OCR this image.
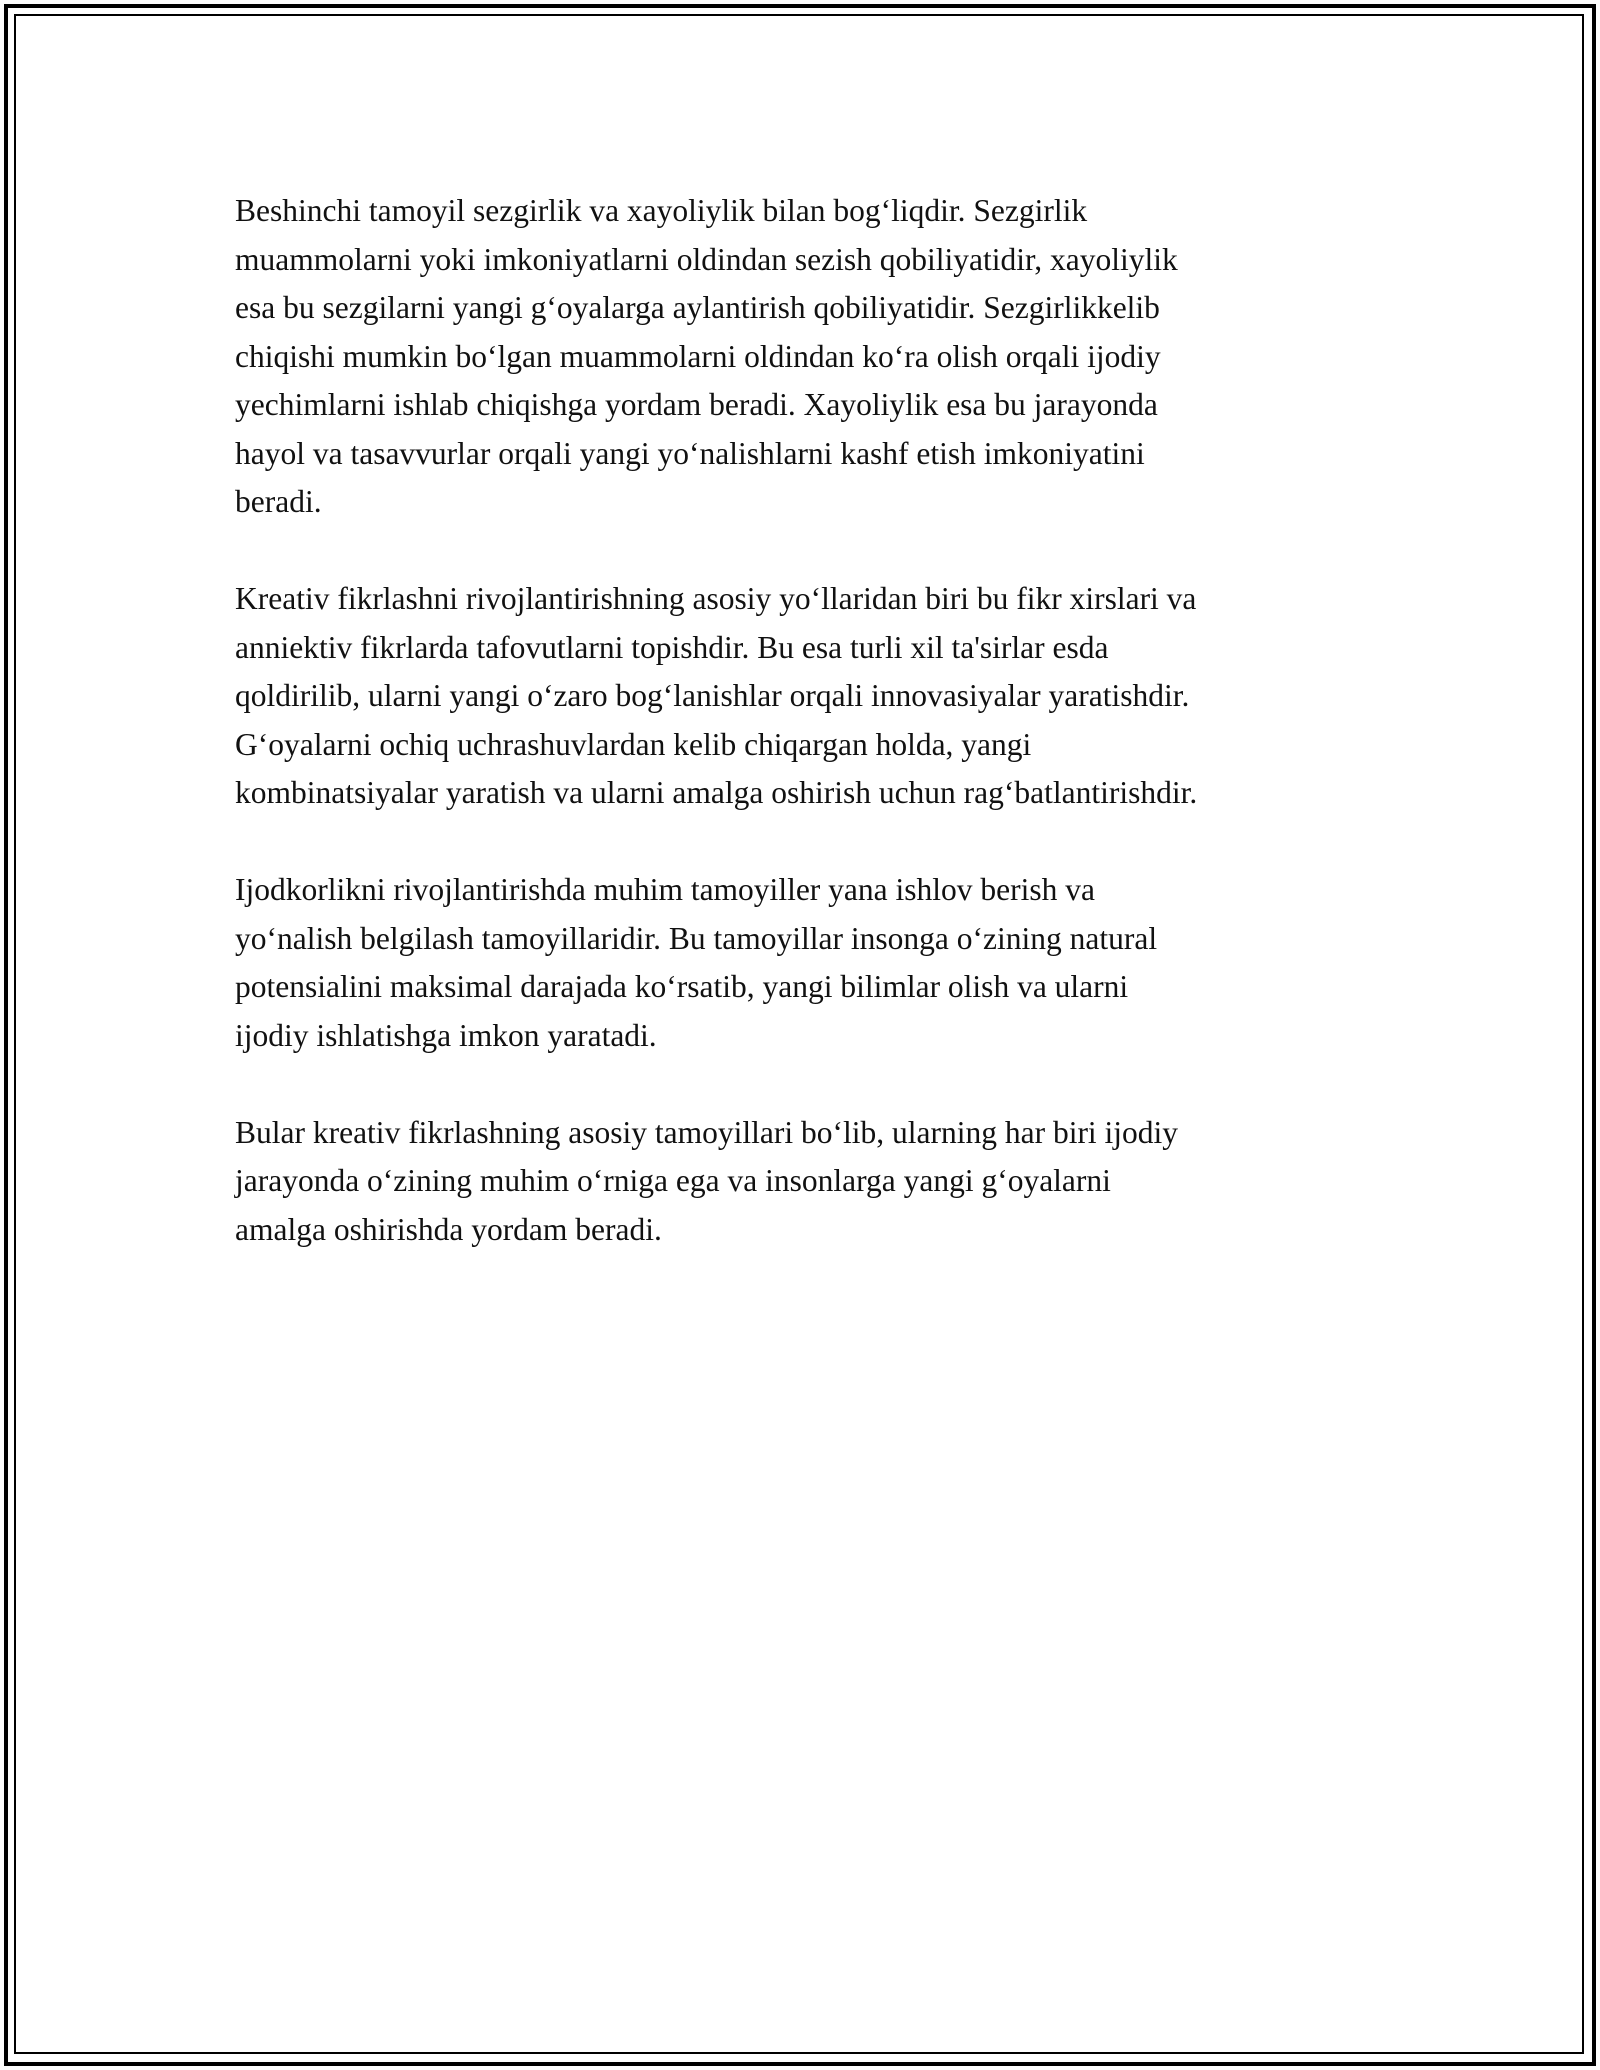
Beshinchi tamoyil sezgirlik va xayoliylik bilan bog‘liqdir. Sezgirlik
muammolarni yoki imkoniyatlarni oldindan sezish qobiliyatidir, xayoliylik
esa bu sezgilarni yangi g‘oyalarga aylantirish qobiliyatidir. Sezgirlikkelib
chiqishi mumkin bo‘lgan muammolarni oldindan ko‘ra olish orqali ijodiy
yechimlarni ishlab chiqishga yordam beradi. Xayoliylik esa bu jarayonda
hayol va tasavvurlar orqali yangi yo‘nalishlarni kashf etish imkoniyatini
beradi.

Kreativ fikrlashni rivojlantirishning asosiy yo‘llaridan biri bu fikr xirslari va
anniektiv fikrlarda tafovutlarni topishdir. Bu esa turli xil ta'sirlar esda
qoldirilib, ularni yangi o‘zaro bog‘lanishlar orqali innovasiyalar yaratishdir.
G‘oyalarni ochiq uchrashuvlardan kelib chiqargan holda, yangi
kombinatsiyalar yaratish va ularni amalga oshirish uchun rag‘batlantirishdir.

Ijodkorlikni rivojlantirishda muhim tamoyiller yana ishlov berish va
yo‘nalish belgilash tamoyillaridir. Bu tamoyillar insonga o‘zining natural
potensialini maksimal darajada ko‘rsatib, yangi bilimlar olish va ularni
ijodiy ishlatishga imkon yaratadi.

Bular kreativ fikrlashning asosiy tamoyillari bo‘lib, ularning har biri ijodiy
jarayonda o‘zining muhim o‘rniga ega va insonlarga yangi g‘oyalarni
amalga oshirishda yordam beradi.
